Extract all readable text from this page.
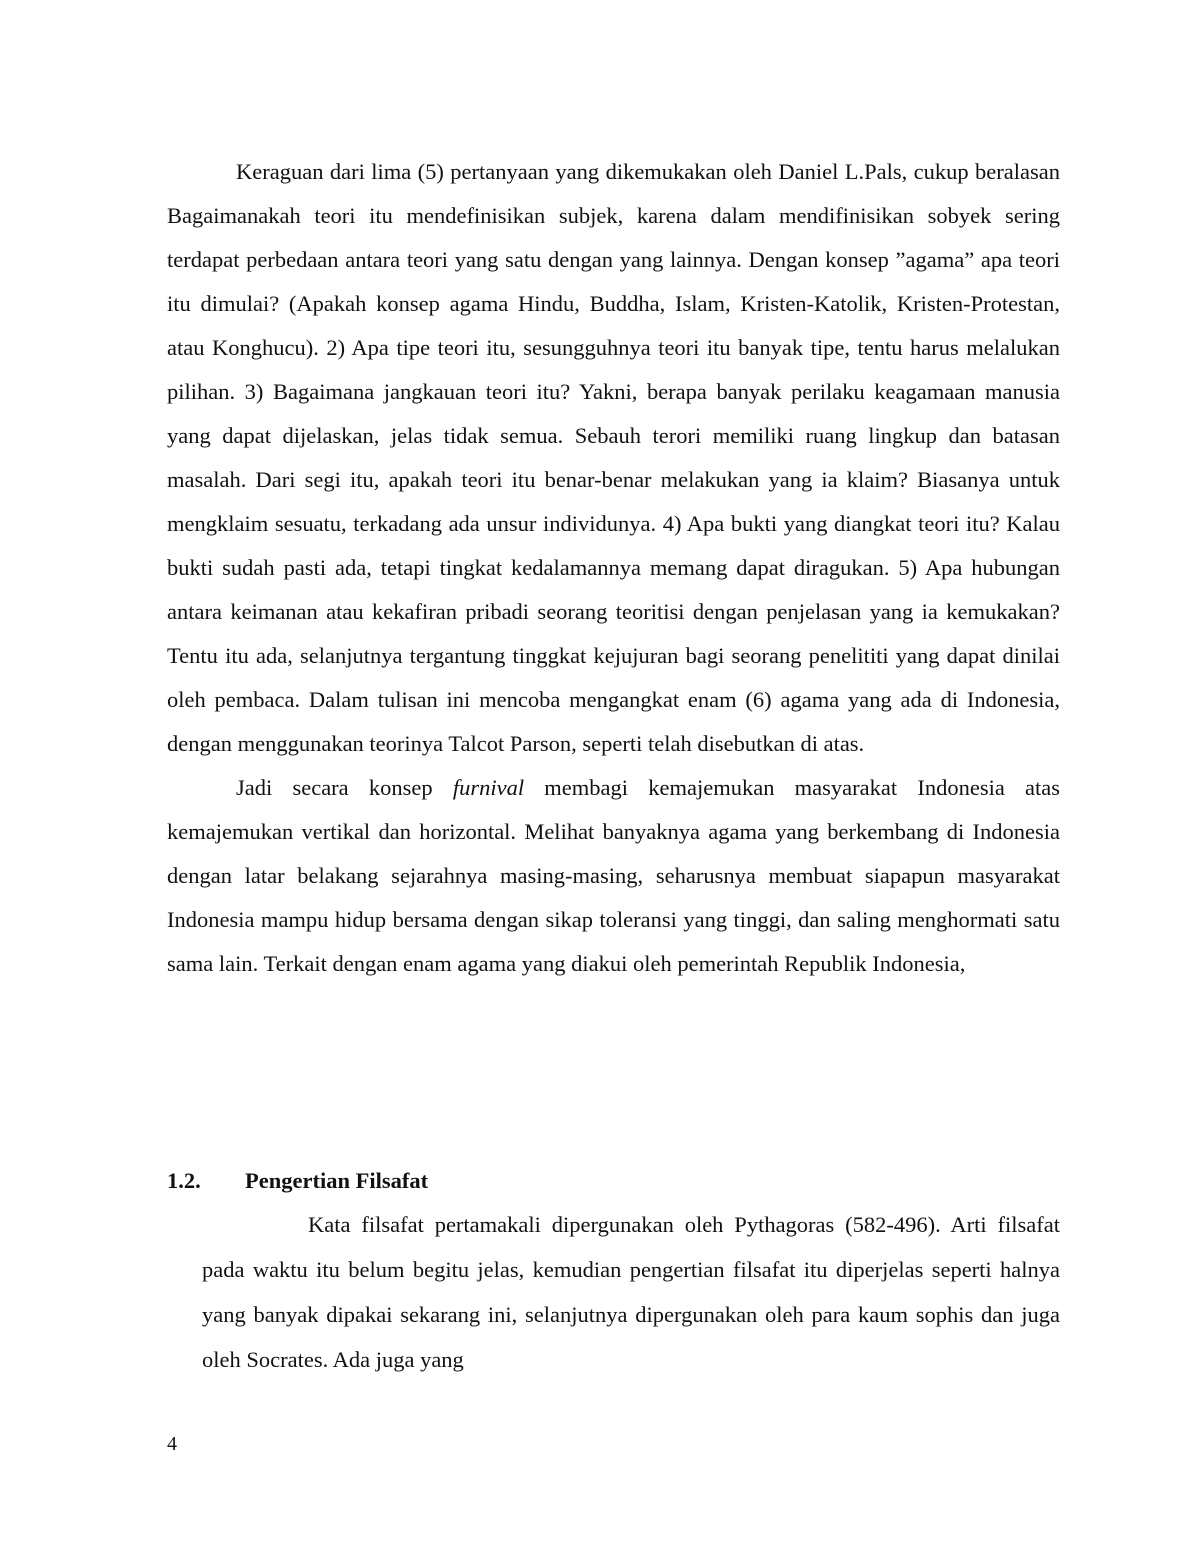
Keraguan dari lima (5) pertanyaan yang dikemukakan oleh Daniel L.Pals, cukup beralasan Bagaimanakah teori itu mendefinisikan subjek, karena dalam mendifinisikan sobyek sering terdapat perbedaan antara teori yang satu dengan yang lainnya. Dengan konsep ”agama” apa teori itu dimulai? (Apakah konsep agama Hindu, Buddha, Islam, Kristen-Katolik, Kristen-Protestan, atau Konghucu). 2) Apa tipe teori itu, sesungguhnya teori itu banyak tipe, tentu harus melalukan pilihan. 3) Bagaimana jangkauan teori itu? Yakni, berapa banyak perilaku keagamaan manusia yang dapat dijelaskan, jelas tidak semua. Sebauh terori memiliki ruang lingkup dan batasan masalah. Dari segi itu, apakah teori itu benar-benar melakukan yang ia klaim? Biasanya untuk mengklaim sesuatu, terkadang ada unsur individunya. 4) Apa bukti yang diangkat teori itu? Kalau bukti sudah pasti ada, tetapi tingkat kedalamannya memang dapat diragukan. 5) Apa hubungan antara keimanan atau kekafiran pribadi seorang teoritisi dengan penjelasan yang ia kemukakan? Tentu itu ada, selanjutnya tergantung tinggkat kejujuran bagi seorang penelititi yang dapat dinilai oleh pembaca. Dalam tulisan ini mencoba mengangkat enam (6) agama yang ada di Indonesia, dengan menggunakan teorinya Talcot Parson, seperti telah disebutkan di atas.

Jadi secara konsep furnival membagi kemajemukan masyarakat Indonesia atas kemajemukan vertikal dan horizontal. Melihat banyaknya agama yang berkembang di Indonesia dengan latar belakang sejarahnya masing-masing, seharusnya membuat siapapun masyarakat Indonesia mampu hidup bersama dengan sikap toleransi yang tinggi, dan saling menghormati satu sama lain. Terkait dengan enam agama yang diakui oleh pemerintah Republik Indonesia,

1.2. Pengertian Filsafat

Kata filsafat pertamakali dipergunakan oleh Pythagoras (582-496). Arti filsafat pada waktu itu belum begitu jelas, kemudian pengertian filsafat itu diperjelas seperti halnya yang banyak dipakai sekarang ini, selanjutnya dipergunakan oleh para kaum sophis dan juga oleh Socrates. Ada juga yang

4
